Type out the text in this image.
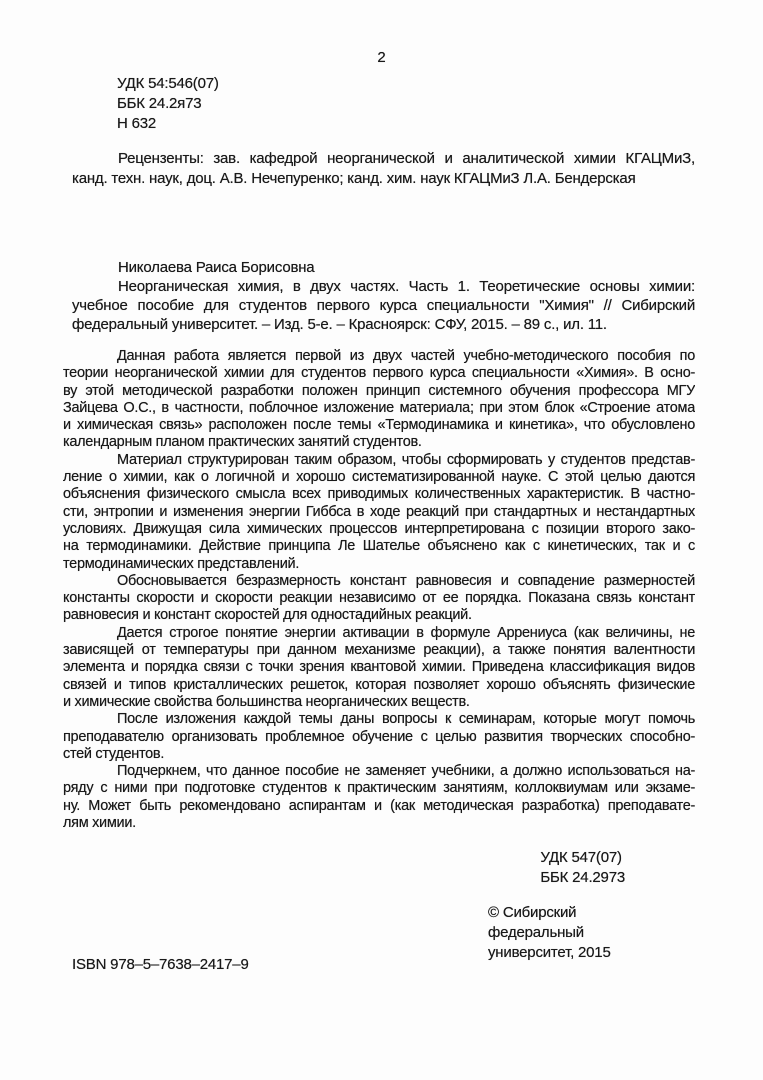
2
УДК 54:546(07)
ББК 24.2я73
Н 632
Рецензенты: зав. кафедрой неорганической и аналитической химии КГАЦМиЗ,
канд. техн. наук, доц. А.В. Нечепуренко; канд. хим. наук КГАЦМиЗ Л.А. Бендерская
Николаева Раиса Борисовна
Неорганическая химия, в двух частях. Часть 1. Теоретические основы химии:
учебное пособие для студентов первого курса специальности "Химия" // Сибирский
федеральный университет. – Изд. 5-е. – Красноярск: СФУ, 2015. – 89 с., ил. 11.
Данная работа является первой из двух частей учебно-методического пособия по
теории неорганической химии для студентов первого курса специальности «Химия». В осно-
ву этой методической разработки положен принцип системного обучения профессора МГУ
Зайцева О.С., в частности, поблочное изложение материала; при этом блок «Строение атома
и химическая связь» расположен после темы «Термодинамика и кинетика», что обусловлено
календарным планом практических занятий студентов.
Материал структурирован таким образом, чтобы сформировать у студентов представ-
ление о химии, как о логичной и хорошо систематизированной науке. С этой целью даются
объяснения физического смысла всех приводимых количественных характеристик. В частно-
сти, энтропии и изменения энергии Гиббса в ходе реакций при стандартных и нестандартных
условиях. Движущая сила химических процессов интерпретирована с позиции второго зако-
на термодинамики. Действие принципа Ле Шателье объяснено как с кинетических, так и с
термодинамических представлений.
Обосновывается безразмерность констант равновесия и совпадение размерностей
константы скорости и скорости реакции независимо от ее порядка. Показана связь констант
равновесия и констант скоростей для одностадийных реакций.
Дается строгое понятие энергии активации в формуле Аррениуса (как величины, не
зависящей от температуры при данном механизме реакции), а также понятия валентности
элемента и порядка связи с точки зрения квантовой химии. Приведена классификация видов
связей и типов кристаллических решеток, которая позволяет хорошо объяснять физические
и химические свойства большинства неорганических веществ.
После изложения каждой темы даны вопросы к семинарам, которые могут помочь
преподавателю организовать проблемное обучение с целью развития творческих способно-
стей студентов.
Подчеркнем, что данное пособие не заменяет учебники, а должно использоваться на-
ряду с ними при подготовке студентов к практическим занятиям, коллоквиумам или экзаме-
ну. Может быть рекомендовано аспирантам и (как методическая разработка) преподавате-
лям химии.
УДК 547(07)
ББК 24.2973
© Сибирский
федеральный
университет, 2015
ISBN 978–5–7638–2417–9
